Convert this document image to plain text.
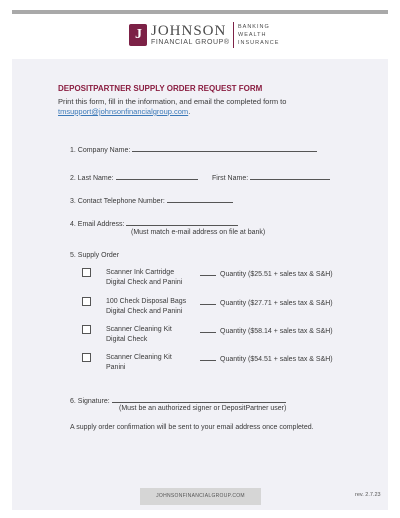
J JOHNSON
FINANCIAL GROUP®
BANKING
WEALTH
INSURANCE
DEPOSITPARTNER SUPPLY ORDER REQUEST FORM
Print this form, fill in the information, and email the completed form to
tmsupport@johnsonfinancialgroup.com.
1. Company Name:
2. Last Name:	First Name:
3. Contact Telephone Number:
4. Email Address:
(Must match e-mail address on file at bank)
5. Supply Order
Scanner Ink Cartridge
Digital Check and Panini
Quantity ($25.51 + sales tax & S&H)
100 Check Disposal Bags
Digital Check and Panini
Quantity ($27.71 + sales tax & S&H)
Scanner Cleaning Kit
Digital Check
Quantity ($58.14 + sales tax & S&H)
Scanner Cleaning Kit
Panini
Quantity ($54.51 + sales tax & S&H)
6. Signature:
(Must be an authorized signer or DepositPartner user)
A supply order confirmation will be sent to your email address once completed.
JOHNSONFINANCIALGROUP.COM	rev. 2.7.23
